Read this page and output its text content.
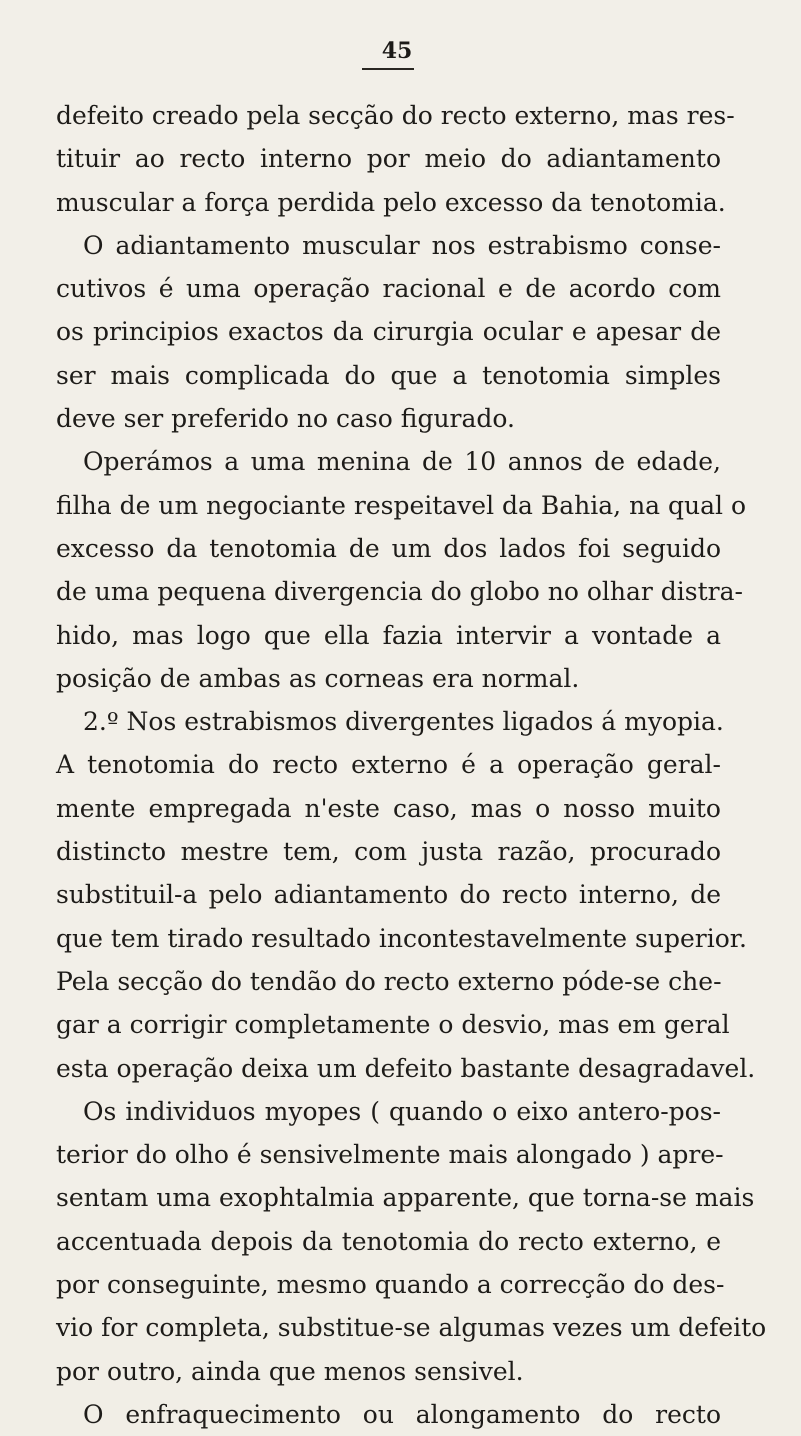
45
defeito creado pela secção do recto externo, mas res-
tituir ao recto interno por meio do adiantamento
muscular a força perdida pelo excesso da tenotomia.
O adiantamento muscular nos estrabismo conse-
cutivos é uma operação racional e de acordo com
os principios exactos da cirurgia ocular e apesar de
ser mais complicada do que a tenotomia simples
deve ser preferido no caso figurado.
Operámos a uma menina de 10 annos de edade,
filha de um negociante respeitavel da Bahia, na qual o
excesso da tenotomia de um dos lados foi seguido
de uma pequena divergencia do globo no olhar distra-
hido, mas logo que ella fazia intervir a vontade a
posição de ambas as corneas era normal.
2.º Nos estrabismos divergentes ligados á myopia.
A tenotomia do recto externo é a operação geral-
mente empregada n'este caso, mas o nosso muito
distincto mestre tem, com justa razão, procurado
substituil-a pelo adiantamento do recto interno, de
que tem tirado resultado incontestavelmente superior.
Pela secção do tendão do recto externo póde-se che-
gar a corrigir completamente o desvio, mas em geral
esta operação deixa um defeito bastante desagradavel.
Os individuos myopes ( quando o eixo antero-pos-
terior do olho é sensivelmente mais alongado ) apre-
sentam uma exophtalmia apparente, que torna-se mais
accentuada depois da tenotomia do recto externo, e
por conseguinte, mesmo quando a correcção do des-
vio for completa, substitue-se algumas vezes um defeito
por outro, ainda que menos sensivel.
O enfraquecimento ou alongamento do recto
